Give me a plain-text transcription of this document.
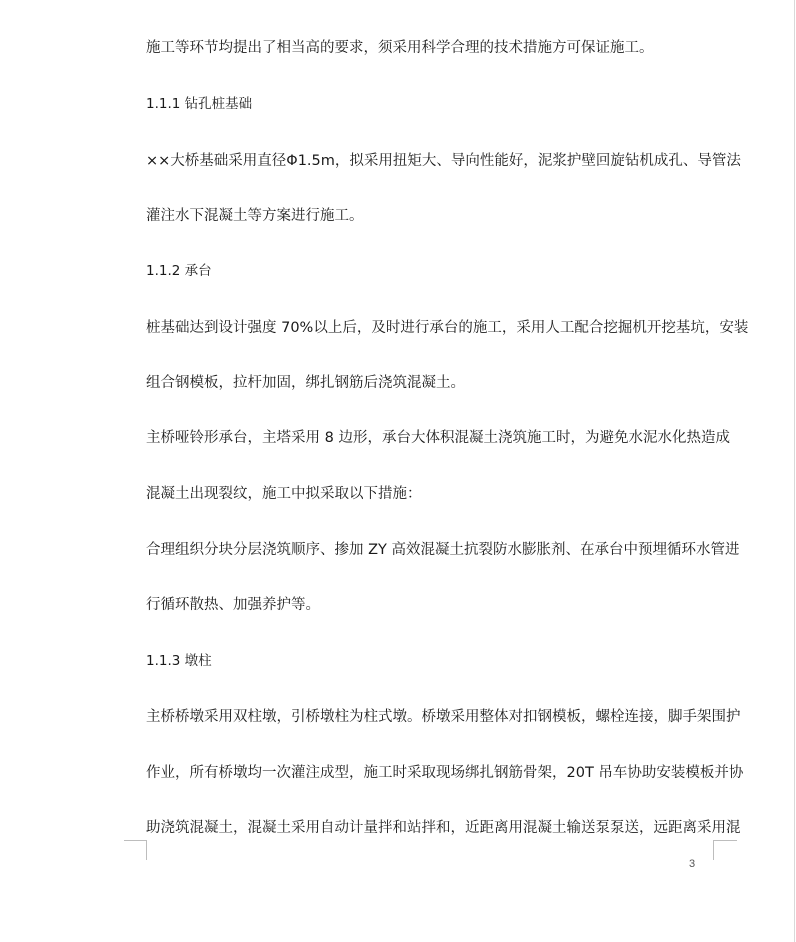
施工等环节均提出了相当高的要求，须采用科学合理的技术措施方可保证施工。
1.1.1 钻孔桩基础
××大桥基础采用直径Φ1.5m，拟采用扭矩大、导向性能好，泥浆护壁回旋钻机成孔、导管法
灌注水下混凝土等方案进行施工。
1.1.2 承台
桩基础达到设计强度 70%以上后，及时进行承台的施工，采用人工配合挖掘机开挖基坑，安装
组合钢模板，拉杆加固，绑扎钢筋后浇筑混凝土。
主桥哑铃形承台，主塔采用 8 边形，承台大体积混凝土浇筑施工时，为避免水泥水化热造成
混凝土出现裂纹，施工中拟采取以下措施：
合理组织分块分层浇筑顺序、掺加 ZY 高效混凝土抗裂防水膨胀剂、在承台中预埋循环水管进
行循环散热、加强养护等。
1.1.3 墩柱
主桥桥墩采用双柱墩，引桥墩柱为柱式墩。桥墩采用整体对扣钢模板，螺栓连接，脚手架围护
作业，所有桥墩均一次灌注成型，施工时采取现场绑扎钢筋骨架，20T 吊车协助安装模板并协
助浇筑混凝土，混凝土采用自动计量拌和站拌和，近距离用混凝土输送泵泵送，远距离采用混
3
